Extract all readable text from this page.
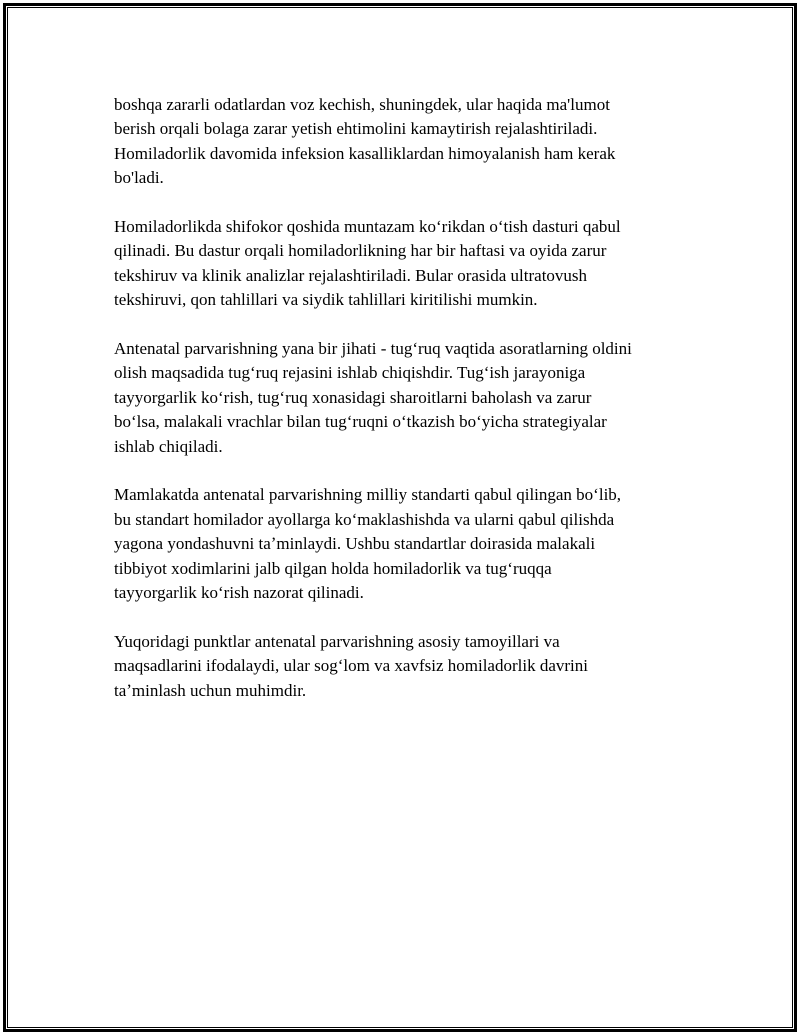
boshqa zararli odatlardan voz kechish, shuningdek, ular haqida ma'lumot
berish orqali bolaga zarar yetish ehtimolini kamaytirish rejalashtiriladi.
Homiladorlik davomida infeksion kasalliklardan himoyalanish ham kerak
bo'ladi.

Homiladorlikda shifokor qoshida muntazam koʻrikdan oʻtish dasturi qabul
qilinadi. Bu dastur orqali homiladorlikning har bir haftasi va oyida zarur
tekshiruv va klinik analizlar rejalashtiriladi. Bular orasida ultratovush
tekshiruvi, qon tahlillari va siydik tahlillari kiritilishi mumkin.

Antenatal parvarishning yana bir jihati - tugʻruq vaqtida asoratlarning oldini
olish maqsadida tugʻruq rejasini ishlab chiqishdir. Tugʻish jarayoniga
tayyorgarlik koʻrish, tugʻruq xonasidagi sharoitlarni baholash va zarur
boʻlsa, malakali vrachlar bilan tugʻruqni oʻtkazish boʻyicha strategiyalar
ishlab chiqiladi.

Mamlakatda antenatal parvarishning milliy standarti qabul qilingan boʻlib,
bu standart homilador ayollarga koʻmaklashishda va ularni qabul qilishda
yagona yondashuvni taʼminlaydi. Ushbu standartlar doirasida malakali
tibbiyot xodimlarini jalb qilgan holda homiladorlik va tugʻruqqa
tayyorgarlik koʻrish nazorat qilinadi.

Yuqoridagi punktlar antenatal parvarishning asosiy tamoyillari va
maqsadlarini ifodalaydi, ular sogʻlom va xavfsiz homiladorlik davrini
taʼminlash uchun muhimdir.
